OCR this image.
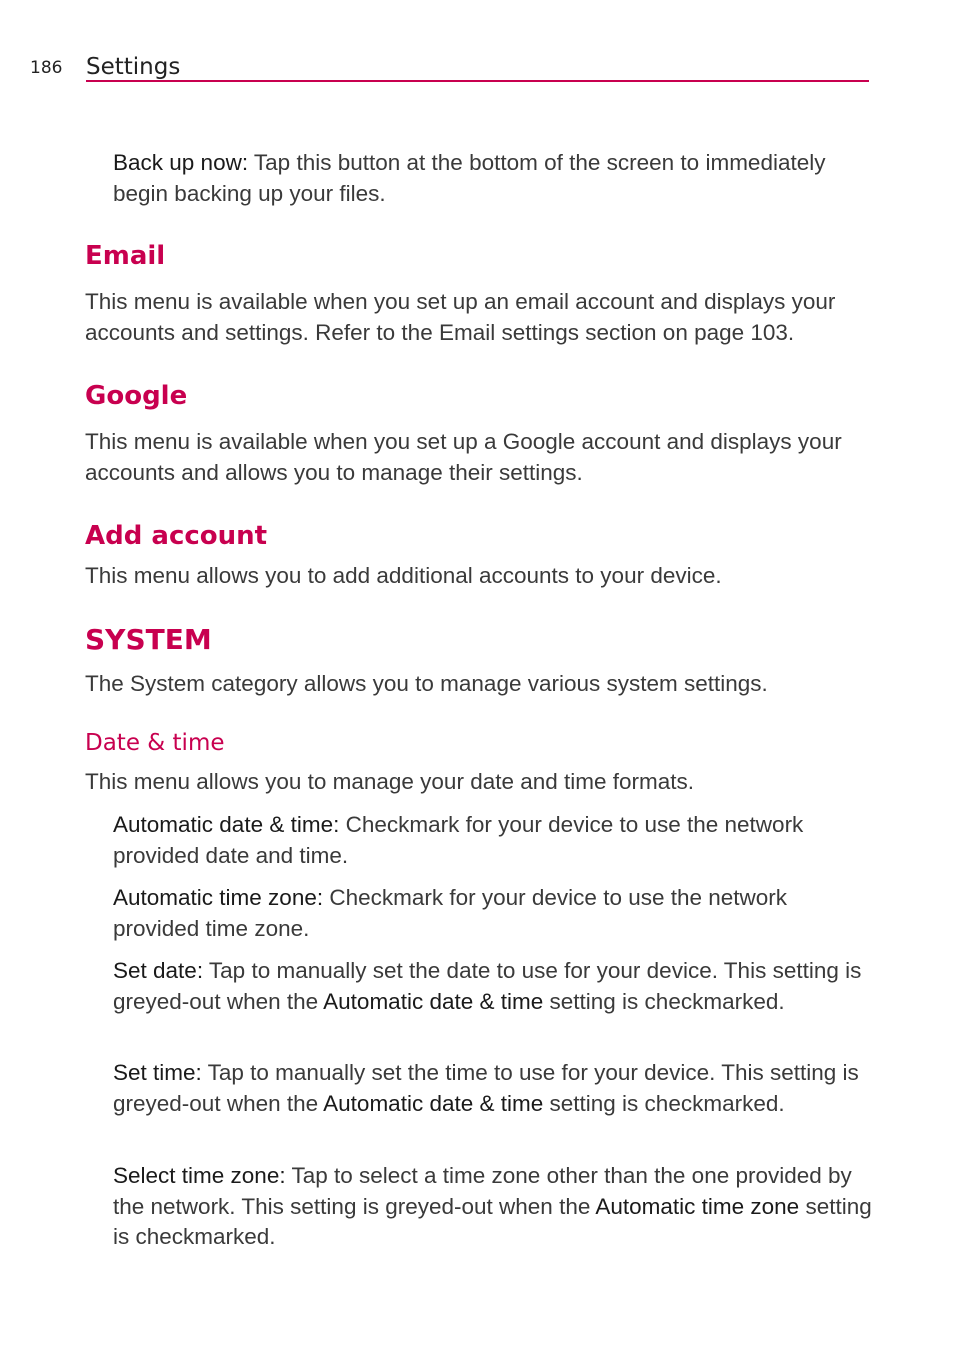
186 Settings

Back up now: Tap this button at the bottom of the screen to immediately begin backing up your files.

Email

This menu is available when you set up an email account and displays your accounts and settings. Refer to the Email settings section on page 103.

Google

This menu is available when you set up a Google account and displays your accounts and allows you to manage their settings.

Add account

This menu allows you to add additional accounts to your device.

SYSTEM

The System category allows you to manage various system settings.

Date & time

This menu allows you to manage your date and time formats.

Automatic date & time: Checkmark for your device to use the network provided date and time.

Automatic time zone: Checkmark for your device to use the network provided time zone.

Set date: Tap to manually set the date to use for your device. This setting is greyed-out when the Automatic date & time setting is checkmarked.

Set time: Tap to manually set the time to use for your device. This setting is greyed-out when the Automatic date & time setting is checkmarked.

Select time zone: Tap to select a time zone other than the one provided by the network. This setting is greyed-out when the Automatic time zone setting is checkmarked.
